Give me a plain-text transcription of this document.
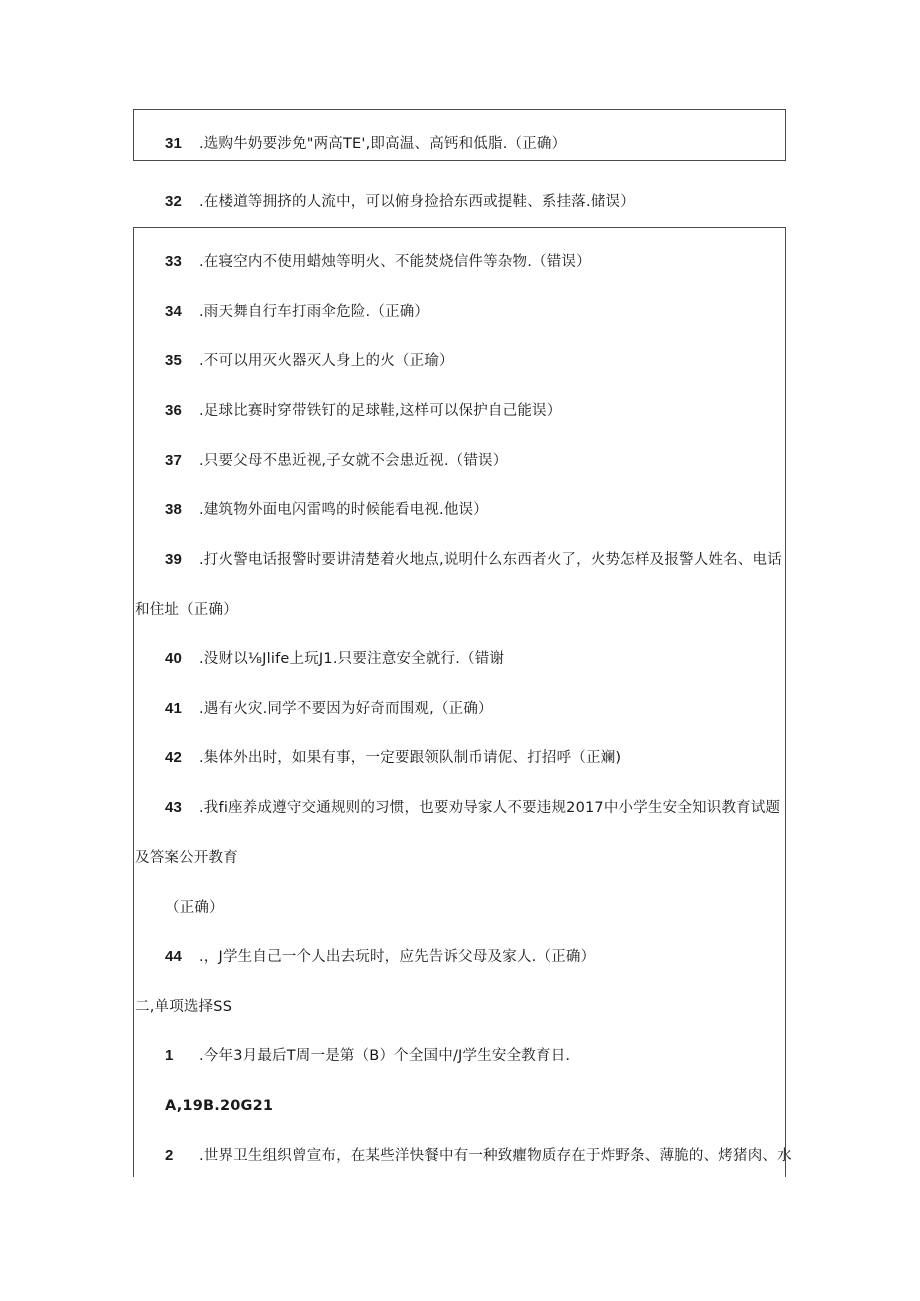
31 .选购牛奶要涉免"两高TE',即高温、高钙和低脂.（正确）
32 .在楼道等拥挤的人流中，可以俯身捡拾东西或提鞋、系挂落.储误）
33 .在寝空内不使用蜡烛等明火、不能焚烧信件等杂物.（错误）
34 .雨天舞自行车打雨伞危险.（正确）
35 .不可以用灭火器灭人身上的火（正瑜）
36 .足球比赛时穿带铁钉的足球鞋,这样可以保护自己能误）
37 .只要父母不患近视,子女就不会患近视.（错误）
38 .建筑物外面电闪雷鸣的时候能看电视.他误）
39 .打火警电话报警时要讲清楚着火地点,说明什么东西者火了，火势怎样及报警人姓名、电话
和住址（正确）
40 .没财以⅛Jlife上玩J1.只要注意安全就行.（错谢
41 .遇有火灾.同学不要因为好奇而围观,（正确）
42 .集体外出时，如果有事，一定要跟领队制币请伲、打招呼（正斓)
43 .我fi座养成遵守交通规则的习惯，也要劝导家人不要违规2017中小学生安全知识教育试题
及答案公开教育
（正确）
44 .，J学生自己一个人出去玩时，应先告诉父母及家人.（正确）
二,单项选择SS
1 .今年3月最后T周一是第（B）个全国中/J学生安全教育日.
A,19B.20G21
2 .世界卫生组织曾宣布，在某些洋快餐中有一种致癯物质存在于炸野条、薄脆的、烤猪肉、水
